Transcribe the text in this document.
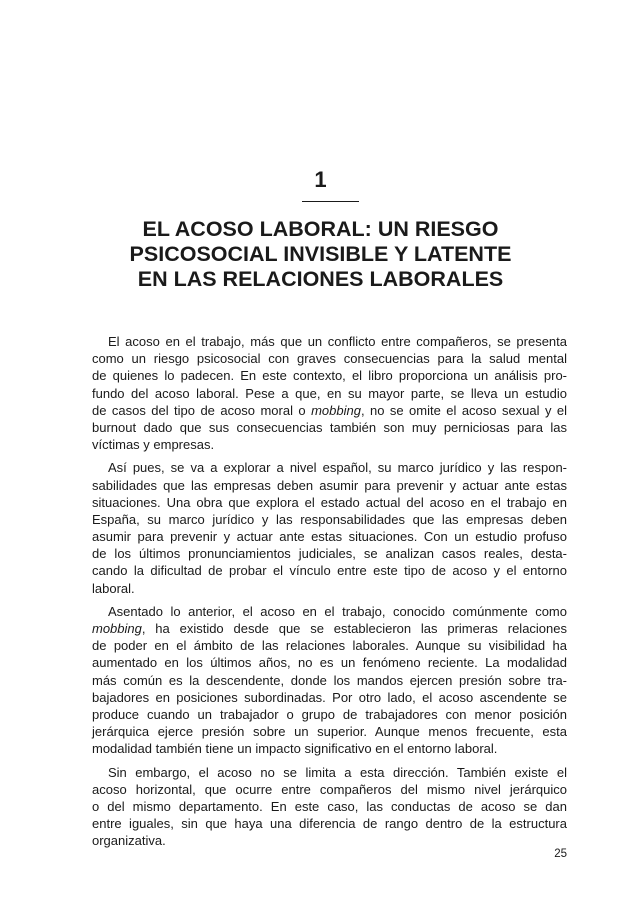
1
EL ACOSO LABORAL: UN RIESGO
PSICOSOCIAL INVISIBLE Y LATENTE
EN LAS RELACIONES LABORALES

El acoso en el trabajo, más que un conflicto entre compañeros, se presenta
como un riesgo psicosocial con graves consecuencias para la salud mental
de quienes lo padecen. En este contexto, el libro proporciona un análisis pro-
fundo del acoso laboral. Pese a que, en su mayor parte, se lleva un estudio
de casos del tipo de acoso moral o mobbing, no se omite el acoso sexual y el
burnout dado que sus consecuencias también son muy perniciosas para las
víctimas y empresas.

Así pues, se va a explorar a nivel español, su marco jurídico y las respon-
sabilidades que las empresas deben asumir para prevenir y actuar ante estas
situaciones. Una obra que explora el estado actual del acoso en el trabajo en
España, su marco jurídico y las responsabilidades que las empresas deben
asumir para prevenir y actuar ante estas situaciones. Con un estudio profuso
de los últimos pronunciamientos judiciales, se analizan casos reales, desta-
cando la dificultad de probar el vínculo entre este tipo de acoso y el entorno
laboral.

Asentado lo anterior, el acoso en el trabajo, conocido comúnmente como
mobbing, ha existido desde que se establecieron las primeras relaciones
de poder en el ámbito de las relaciones laborales. Aunque su visibilidad ha
aumentado en los últimos años, no es un fenómeno reciente. La modalidad
más común es la descendente, donde los mandos ejercen presión sobre tra-
bajadores en posiciones subordinadas. Por otro lado, el acoso ascendente se
produce cuando un trabajador o grupo de trabajadores con menor posición
jerárquica ejerce presión sobre un superior. Aunque menos frecuente, esta
modalidad también tiene un impacto significativo en el entorno laboral.

Sin embargo, el acoso no se limita a esta dirección. También existe el
acoso horizontal, que ocurre entre compañeros del mismo nivel jerárquico
o del mismo departamento. En este caso, las conductas de acoso se dan
entre iguales, sin que haya una diferencia de rango dentro de la estructura
organizativa.

25
